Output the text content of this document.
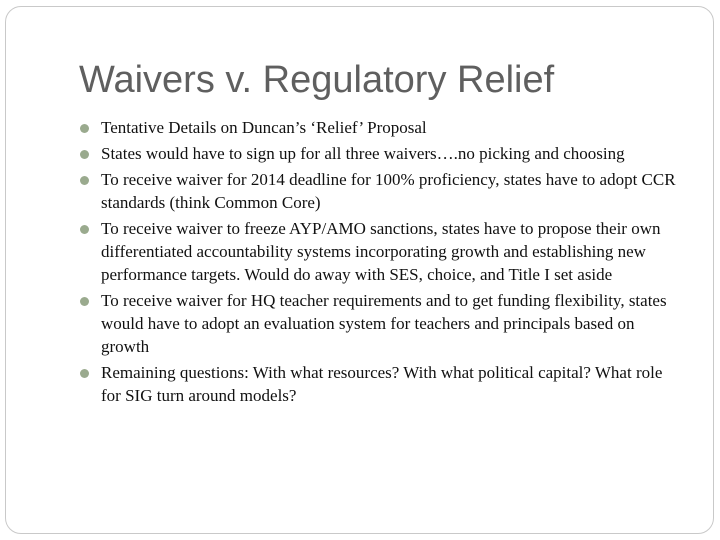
Waivers v. Regulatory Relief
Tentative Details on Duncan’s ‘Relief’ Proposal
States would have to sign up for all three waivers….no picking and choosing
To receive waiver for 2014 deadline for 100% proficiency, states have to adopt CCR standards (think Common Core)
To receive waiver to freeze AYP/AMO sanctions, states have to propose their own differentiated accountability systems incorporating growth and establishing new performance targets. Would do away with SES, choice, and Title I set aside
To receive waiver for HQ teacher requirements and to get funding flexibility, states would have to adopt an evaluation system for teachers and principals based on growth
Remaining questions: With what resources? With what political capital? What role for SIG turn around models?
